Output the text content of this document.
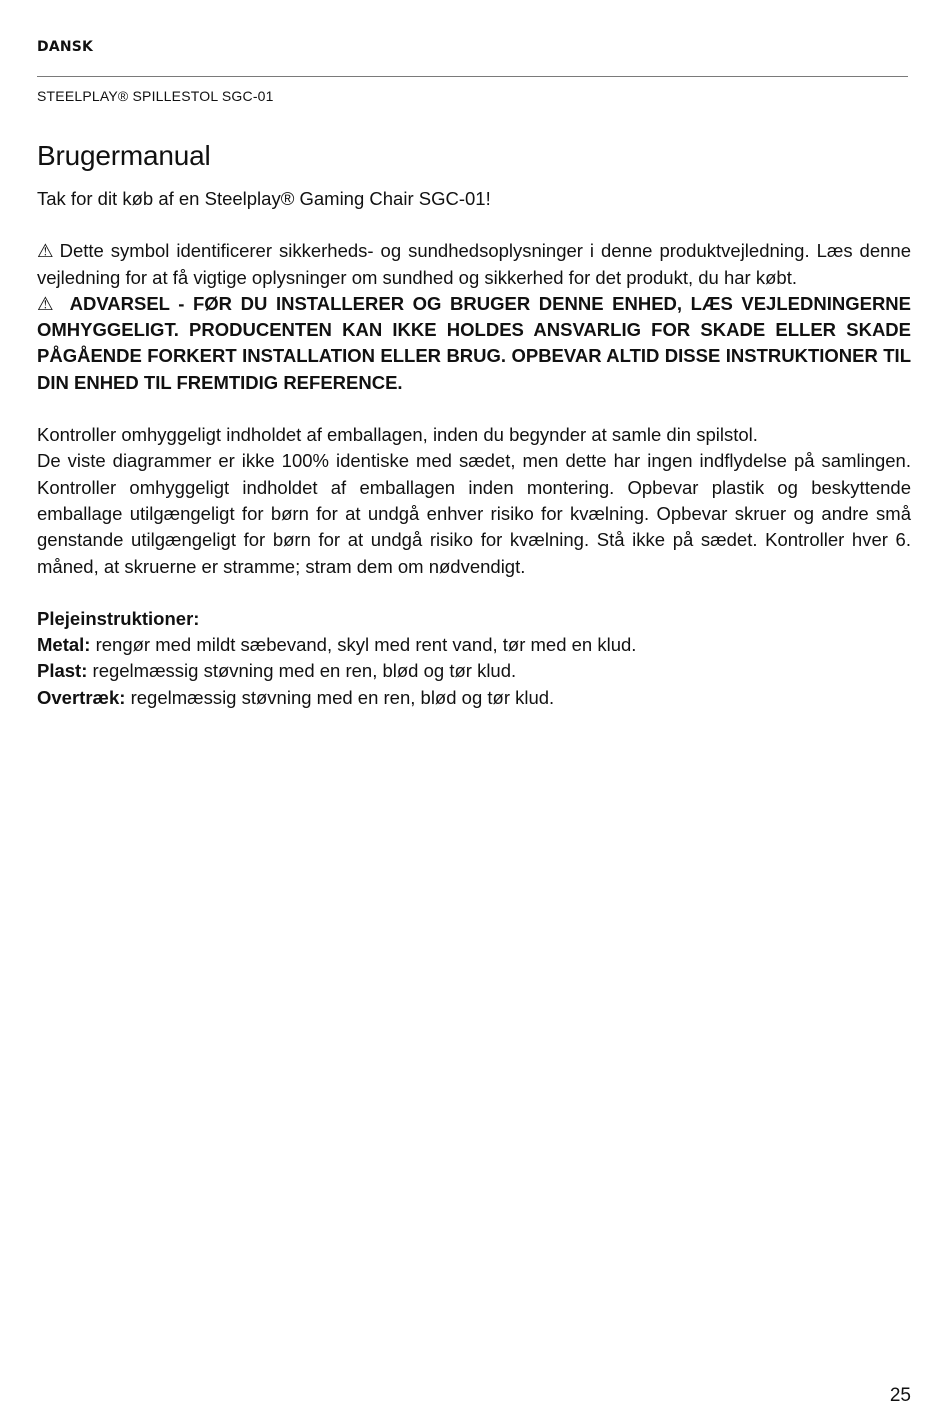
DANSK
STEELPLAY® SPILLESTOL SGC-01
Brugermanual

Tak for dit køb af en Steelplay® Gaming Chair SGC-01!

⚠ Dette symbol identificerer sikkerheds- og sundhedsoplysninger i denne produktvejledning. Læs denne vejledning for at få vigtige oplysninger om sundhed og sikkerhed for det produkt, du har købt.

⚠ ADVARSEL - FØR DU INSTALLERER OG BRUGER DENNE ENHED, LÆS VEJLEDNINGERNE OMHYGGELIGT. PRODUCENTEN KAN IKKE HOLDES ANSVARLIG FOR SKADE ELLER SKADE PÅGÅENDE FORKERT INSTALLATION ELLER BRUG. OPBEVAR ALTID DISSE INSTRUKTIONER TIL DIN ENHED TIL FREMTIDIG REFERENCE.

Kontroller omhyggeligt indholdet af emballagen, inden du begynder at samle din spilstol.

De viste diagrammer er ikke 100% identiske med sædet, men dette har ingen indflydelse på samlingen. Kontroller omhyggeligt indholdet af emballagen inden montering. Opbevar plastik og beskyttende emballage utilgængeligt for børn for at undgå enhver risiko for kvælning. Opbevar skruer og andre små genstande utilgængeligt for børn for at undgå risiko for kvælning. Stå ikke på sædet. Kontroller hver 6. måned, at skruerne er stramme; stram dem om nødvendigt.

Plejeinstruktioner:

Metal: rengør med mildt sæbevand, skyl med rent vand, tør med en klud.

Plast: regelmæssig støvning med en ren, blød og tør klud.

Overtræk: regelmæssig støvning med en ren, blød og tør klud.

25
